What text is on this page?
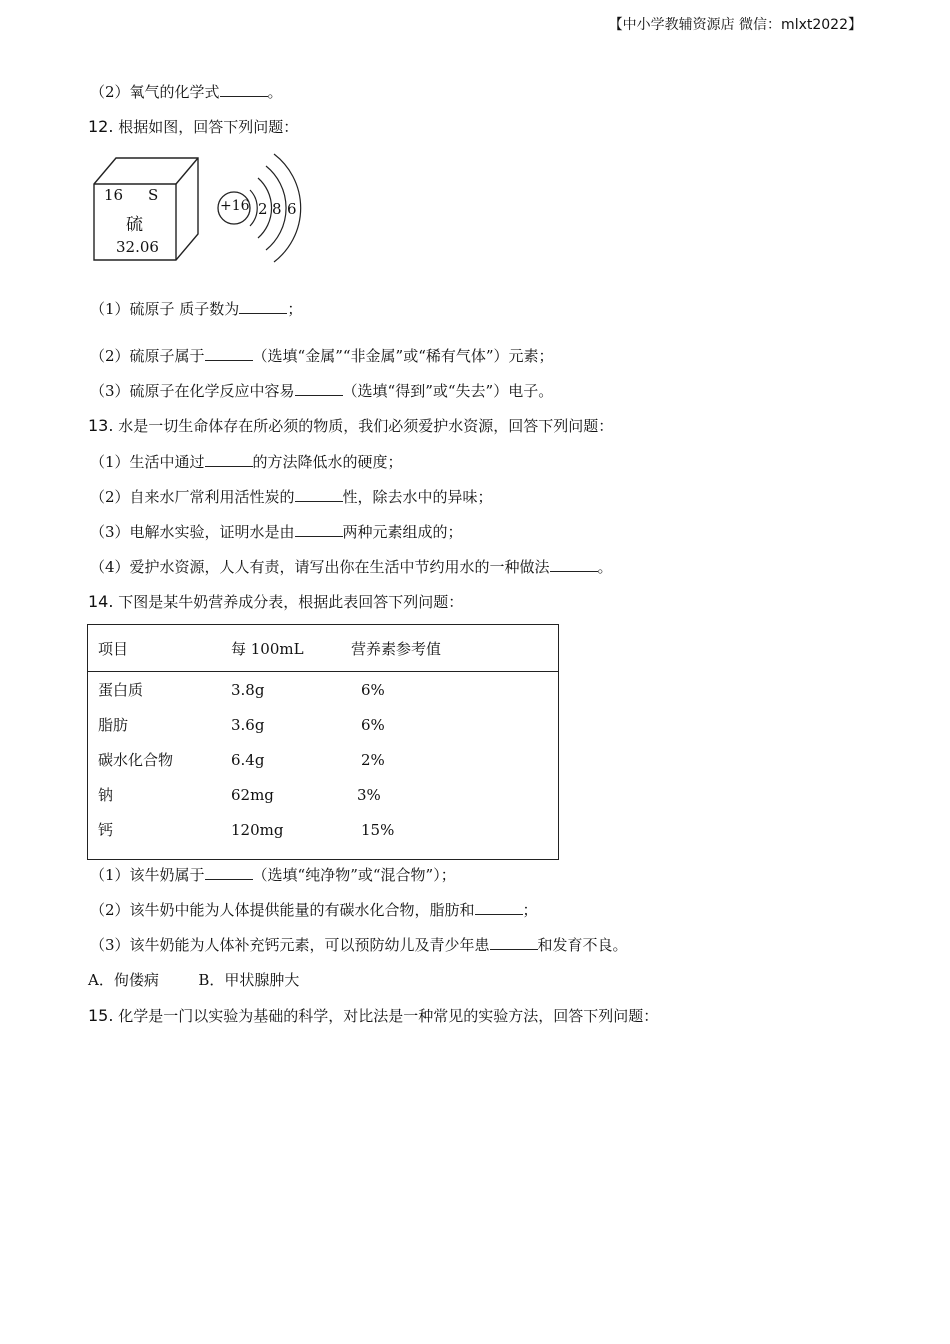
【中小学教辅资源店 微信：mlxt2022】
（2）氧气的化学式	。
12. 根据如图，回答下列问题：
16 S
硫
32.06
+16 2 8 6
（1）硫原子 质子数为	；
（2）硫原子属于	（选填“金属”“非金属”或“稀有气体”）元素；
（3）硫原子在化学反应中容易	（选填“得到”或“失去”）电子。
13. 水是一切生命体存在所必须的物质，我们必须爱护水资源，回答下列问题：
（1）生活中通过	的方法降低水的硬度；
（2）自来水厂常利用活性炭的	性，除去水中的异味；
（3）电解水实验，证明水是由	两种元素组成的；
（4）爱护水资源，人人有责，请写出你在生活中节约用水的一种做法	。
14. 下图是某牛奶营养成分表，根据此表回答下列问题：
项目	每 100mL	营养素参考值
蛋白质	3.8g	6%
脂肪	3.6g	6%
碳水化合物	6.4g	2%
钠	62mg	3%
钙	120mg	15%
（1）该牛奶属于	（选填“纯净物”或“混合物”）；
（2）该牛奶中能为人体提供能量的有碳水化合物，脂肪和	；
（3）该牛奶能为人体补充钙元素，可以预防幼儿及青少年患	和发育不良。
A．佝偻病	B．甲状腺肿大
15. 化学是一门以实验为基础的科学，对比法是一种常见的实验方法，回答下列问题：
